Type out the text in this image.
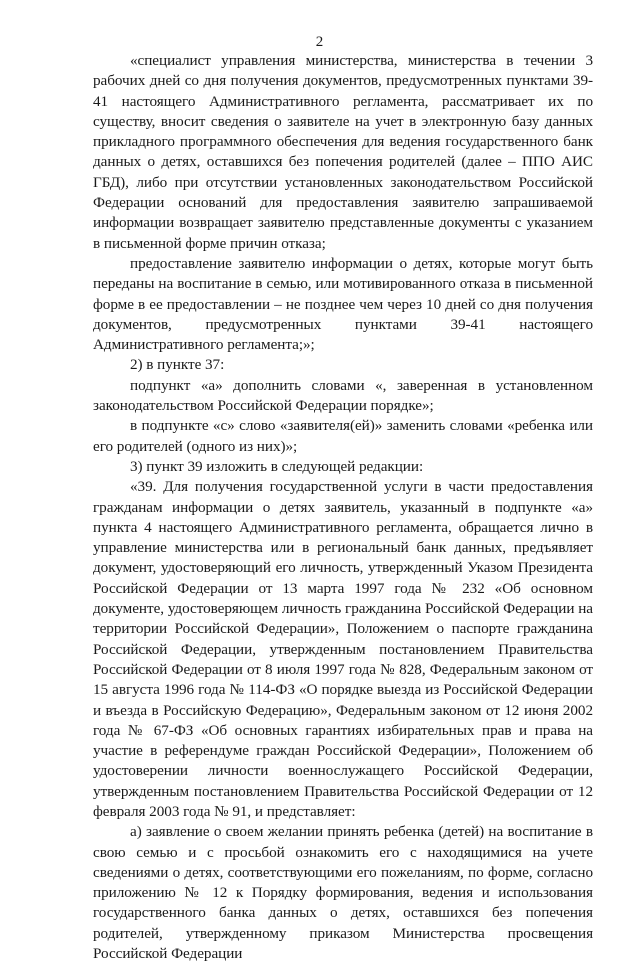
2

«специалист управления министерства, министерства в течении 3 рабочих дней со дня получения документов, предусмотренных пунктами 39-41 настоящего Административного регламента, рассматривает их по существу, вносит сведения о заявителе на учет в электронную базу данных прикладного программного обеспечения для ведения государственного банк данных о детях, оставшихся без попечения родителей (далее – ППО АИС ГБД), либо при отсутствии установленных законодательством Российской Федерации оснований для предоставления заявителю запрашиваемой информации возвращает заявителю представленные документы с указанием в письменной форме причин отказа;

предоставление заявителю информации о детях, которые могут быть переданы на воспитание в семью, или мотивированного отказа в письменной форме в ее предоставлении – не позднее чем через 10 дней со дня получения документов, предусмотренных пунктами 39-41 настоящего Административного регламента;»;

2) в пункте 37:

подпункт «а» дополнить словами «, заверенная в установленном законодательством Российской Федерации порядке»;

в подпункте «с» слово «заявителя(ей)» заменить словами «ребенка или его родителей (одного из них)»;

3) пункт 39 изложить в следующей редакции:

«39. Для получения государственной услуги в части предоставления гражданам информации о детях заявитель, указанный в подпункте «а» пункта 4 настоящего Административного регламента, обращается лично в управление министерства или в региональный банк данных, предъявляет документ, удостоверяющий его личность, утвержденный Указом Президента Российской Федерации от 13 марта 1997 года № 232 «Об основном документе, удостоверяющем личность гражданина Российской Федерации на территории Российской Федерации», Положением о паспорте гражданина Российской Федерации, утвержденным постановлением Правительства Российской Федерации от 8 июля 1997 года № 828, Федеральным законом от 15 августа 1996 года № 114-ФЗ «О порядке выезда из Российской Федерации и въезда в Российскую Федерацию», Федеральным законом от 12 июня 2002 года № 67-ФЗ «Об основных гарантиях избирательных прав и права на участие в референдуме граждан Российской Федерации», Положением об удостоверении личности военнослужащего Российской Федерации, утвержденным постановлением Правительства Российской Федерации от 12 февраля 2003 года № 91, и представляет:

а) заявление о своем желании принять ребенка (детей) на воспитание в свою семью и с просьбой ознакомить его с находящимися на учете сведениями о детях, соответствующими его пожеланиям, по форме, согласно приложению № 12 к Порядку формирования, ведения и использования государственного банка данных о детях, оставшихся без попечения родителей, утвержденному приказом Министерства просвещения Российской Федерации
